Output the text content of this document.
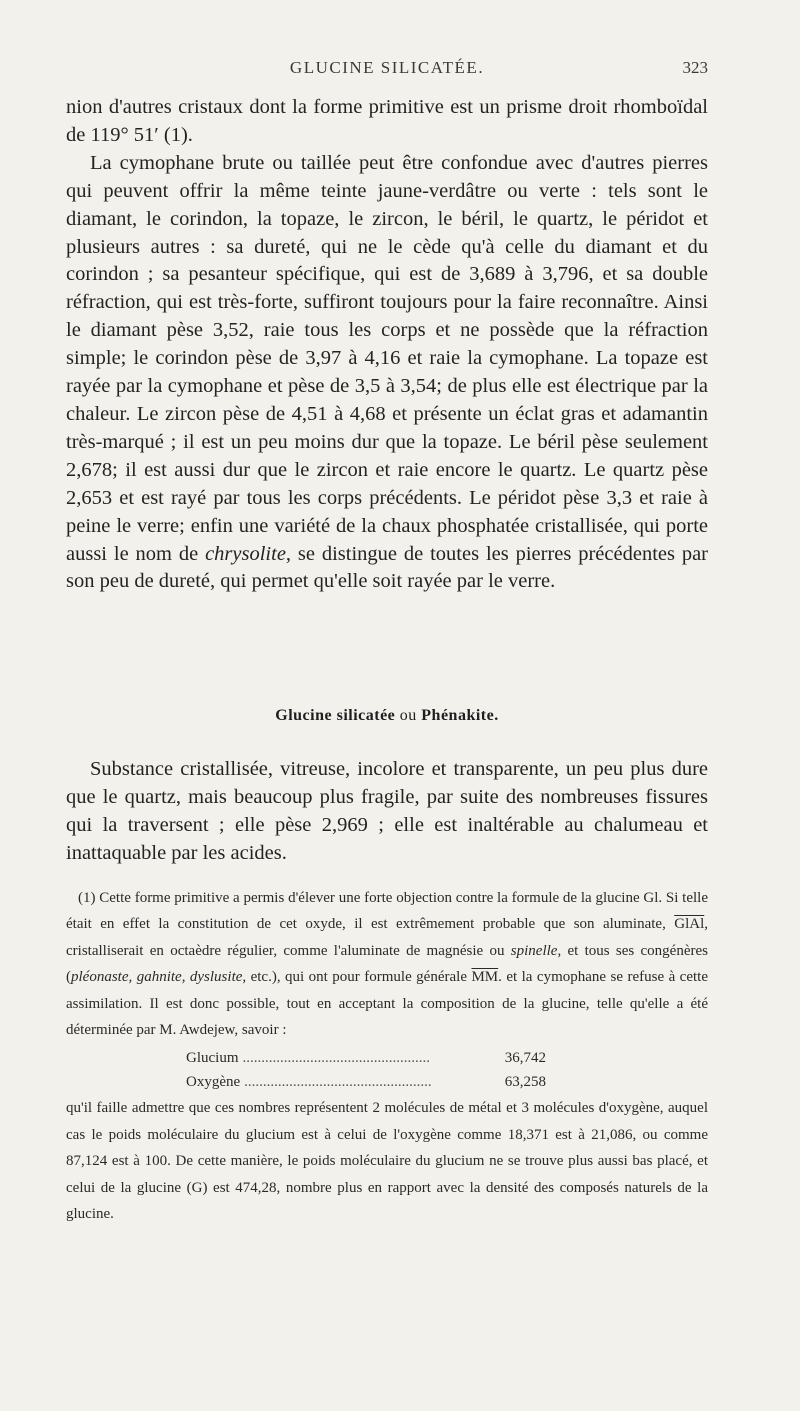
GLUCINE SILICATÉE.	323

nion d'autres cristaux dont la forme primitive est un prisme droit rhomboïdal de 119° 51′ (1).

La cymophane brute ou taillée peut être confondue avec d'autres pierres qui peuvent offrir la même teinte jaune-verdâtre ou verte : tels sont le diamant, le corindon, la topaze, le zircon, le béril, le quartz, le péridot et plusieurs autres : sa dureté, qui ne le cède qu'à celle du diamant et du corindon ; sa pesanteur spécifique, qui est de 3,689 à 3,796, et sa double réfraction, qui est très-forte, suffiront toujours pour la faire reconnaître. Ainsi le diamant pèse 3,52, raie tous les corps et ne possède que la réfraction simple; le corindon pèse de 3,97 à 4,16 et raie la cymophane. La topaze est rayée par la cymophane et pèse de 3,5 à 3,54; de plus elle est électrique par la chaleur. Le zircon pèse de 4,51 à 4,68 et présente un éclat gras et adamantin très-marqué ; il est un peu moins dur que la topaze. Le béril pèse seulement 2,678; il est aussi dur que le zircon et raie encore le quartz. Le quartz pèse 2,653 et est rayé par tous les corps précédents. Le péridot pèse 3,3 et raie à peine le verre; enfin une variété de la chaux phosphatée cristallisée, qui porte aussi le nom de chrysolite, se distingue de toutes les pierres précédentes par son peu de dureté, qui permet qu'elle soit rayée par le verre.

Glucine silicatée ou Phénakite.

Substance cristallisée, vitreuse, incolore et transparente, un peu plus dure que le quartz, mais beaucoup plus fragile, par suite des nombreuses fissures qui la traversent ; elle pèse 2,969 ; elle est inaltérable au chalumeau et inattaquable par les acides.

(1) Cette forme primitive a permis d'élever une forte objection contre la formule de la glucine Gl. Si telle était en effet la constitution de cet oxyde, il est extrêmement probable que son aluminate, GlAl, cristalliserait en octaèdre régulier, comme l'aluminate de magnésie ou spinelle, et tous ses congénères (pléonaste, gahnite, dyslusite, etc.), qui ont pour formule générale $\overline{MM}$. et la cymophane se refuse à cette assimilation. Il est donc possible, tout en acceptant la composition de la glucine, telle qu'elle a été déterminée par M. Awdejew, savoir :

Glucium ..................................................	36,742
Oxygène ..................................................	63,258

qu'il faille admettre que ces nombres représentent 2 molécules de métal et 3 molécules d'oxygène, auquel cas le poids moléculaire du glucium est à celui de l'oxygène comme 18,371 est à 21,086, ou comme 87,124 est à 100. De cette manière, le poids moléculaire du glucium ne se trouve plus aussi bas placé, et celui de la glucine (G) est 474,28, nombre plus en rapport avec la densité des composés naturels de la glucine.
